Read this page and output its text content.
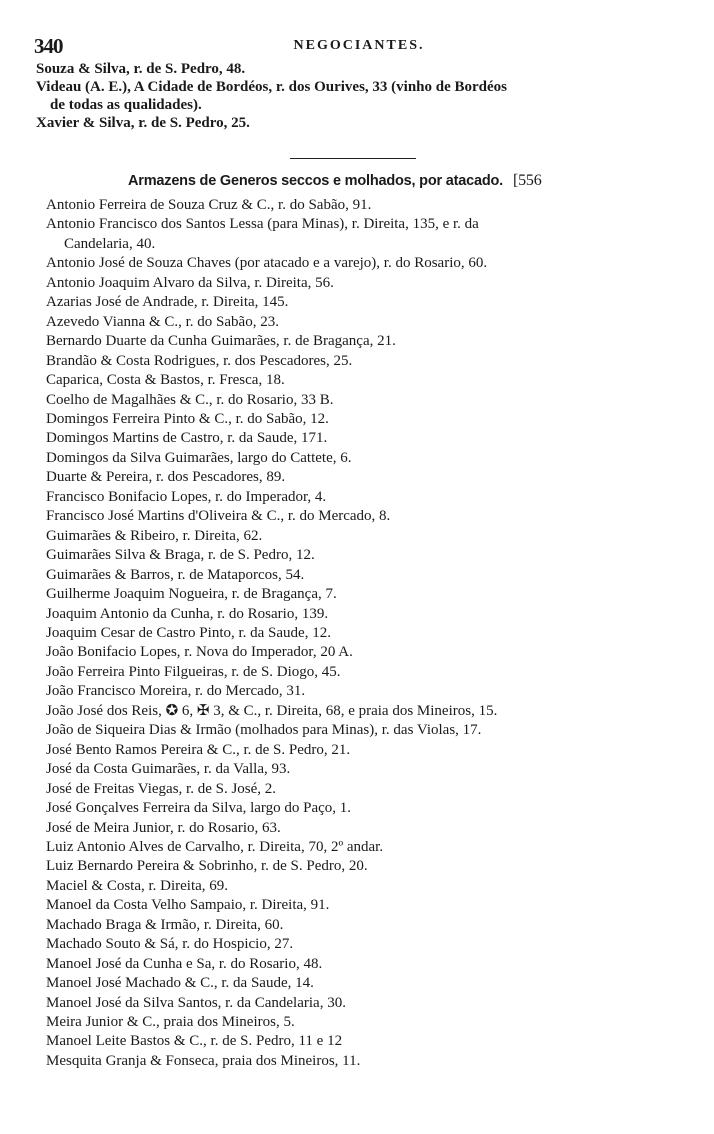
340	NEGOCIANTES.
Souza & Silva, r. de S. Pedro, 48.
Videau (A. E.), A Cidade de Bordéos, r. dos Ourives, 33 (vinho de Bordéos
de todas as qualidades).
Xavier & Silva, r. de S. Pedro, 25.
Armazens de Generos seccos e molhados, por atacado. [556
Antonio Ferreira de Souza Cruz & C., r. do Sabão, 91.
Antonio Francisco dos Santos Lessa (para Minas), r. Direita, 135, e r. da
Candelaria, 40.
Antonio José de Souza Chaves (por atacado e a varejo), r. do Rosario, 60.
Antonio Joaquim Alvaro da Silva, r. Direita, 56.
Azarias José de Andrade, r. Direita, 145.
Azevedo Vianna & C., r. do Sabão, 23.
Bernardo Duarte da Cunha Guimarães, r. de Bragança, 21.
Brandão & Costa Rodrigues, r. dos Pescadores, 25.
Caparica, Costa & Bastos, r. Fresca, 18.
Coelho de Magalhães & C., r. do Rosario, 33 B.
Domingos Ferreira Pinto & C., r. do Sabão, 12.
Domingos Martins de Castro, r. da Saude, 171.
Domingos da Silva Guimarães, largo do Cattete, 6.
Duarte & Pereira, r. dos Pescadores, 89.
Francisco Bonifacio Lopes, r. do Imperador, 4.
Francisco José Martins d'Oliveira & C., r. do Mercado, 8.
Guimarães & Ribeiro, r. Direita, 62.
Guimarães Silva & Braga, r. de S. Pedro, 12.
Guimarães & Barros, r. de Mataporcos, 54.
Guilherme Joaquim Nogueira, r. de Bragança, 7.
Joaquim Antonio da Cunha, r. do Rosario, 139.
Joaquim Cesar de Castro Pinto, r. da Saude, 12.
João Bonifacio Lopes, r. Nova do Imperador, 20 A.
João Ferreira Pinto Filgueiras, r. de S. Diogo, 45.
João Francisco Moreira, r. do Mercado, 31.
João José dos Reis, ✪ 6, ✠ 3, & C., r. Direita, 68, e praia dos Mineiros, 15.
João de Siqueira Dias & Irmão (molhados para Minas), r. das Violas, 17.
José Bento Ramos Pereira & C., r. de S. Pedro, 21.
José da Costa Guimarães, r. da Valla, 93.
José de Freitas Viegas, r. de S. José, 2.
José Gonçalves Ferreira da Silva, largo do Paço, 1.
José de Meira Junior, r. do Rosario, 63.
Luiz Antonio Alves de Carvalho, r. Direita, 70, 2º andar.
Luiz Bernardo Pereira & Sobrinho, r. de S. Pedro, 20.
Maciel & Costa, r. Direita, 69.
Manoel da Costa Velho Sampaio, r. Direita, 91.
Machado Braga & Irmão, r. Direita, 60.
Machado Souto & Sá, r. do Hospicio, 27.
Manoel José da Cunha e Sa, r. do Rosario, 48.
Manoel José Machado & C., r. da Saude, 14.
Manoel José da Silva Santos, r. da Candelaria, 30.
Meira Junior & C., praia dos Mineiros, 5.
Manoel Leite Bastos & C., r. de S. Pedro, 11 e 12
Mesquita Granja & Fonseca, praia dos Mineiros, 11.
